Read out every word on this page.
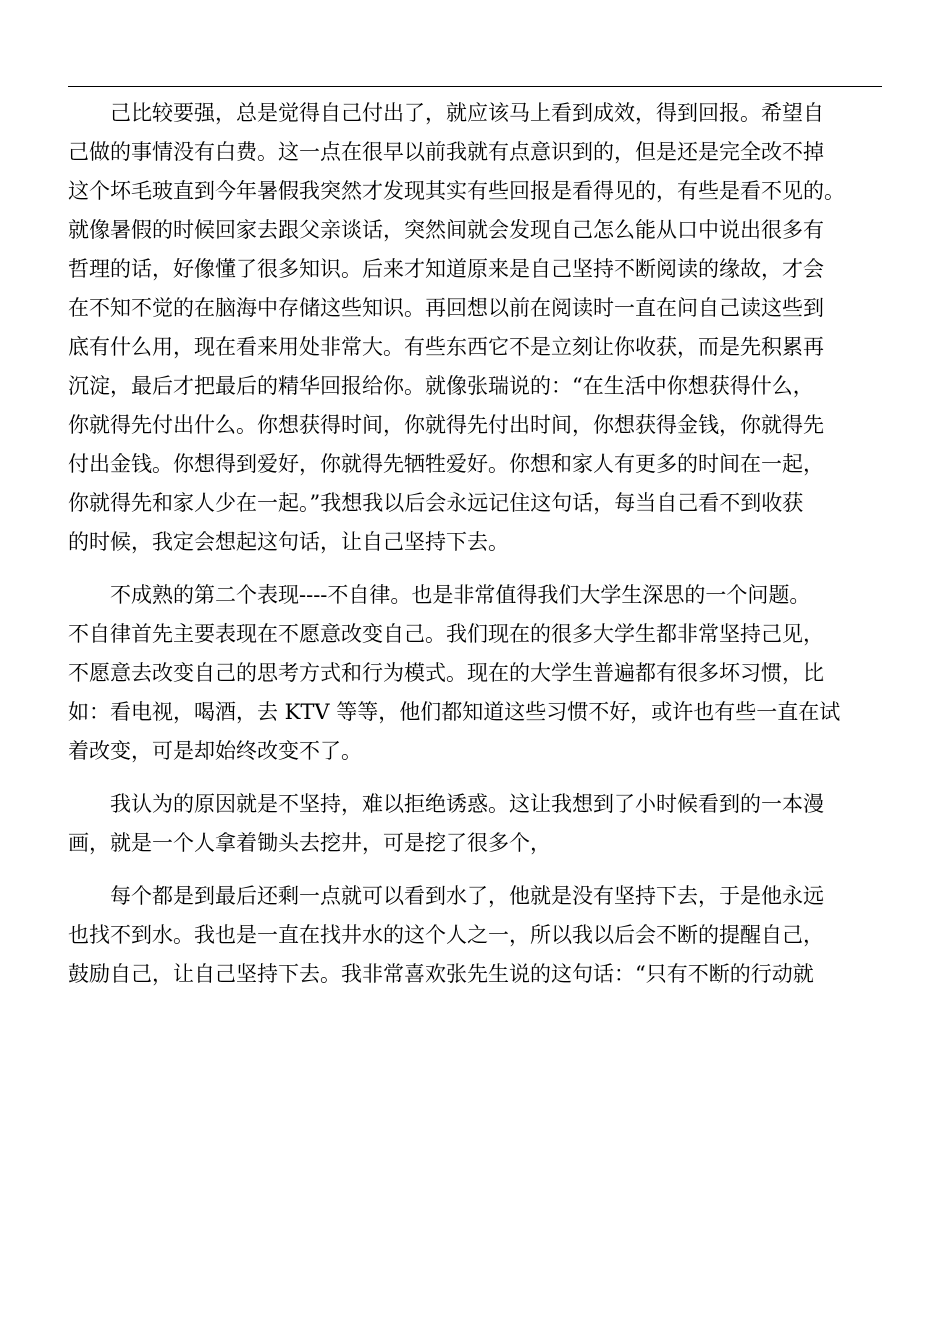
己比较要强，总是觉得自己付出了，就应该马上看到成效，得到回报。希望自
己做的事情没有白费。这一点在很早以前我就有点意识到的，但是还是完全改不掉
这个坏毛玻直到今年暑假我突然才发现其实有些回报是看得见的，有些是看不见的。
就像暑假的时候回家去跟父亲谈话，突然间就会发现自己怎么能从口中说出很多有
哲理的话，好像懂了很多知识。后来才知道原来是自己坚持不断阅读的缘故，才会
在不知不觉的在脑海中存储这些知识。再回想以前在阅读时一直在问自己读这些到
底有什么用，现在看来用处非常大。有些东西它不是立刻让你收获，而是先积累再
沉淀，最后才把最后的精华回报给你。就像张瑞说的：“在生活中你想获得什么，
你就得先付出什么。你想获得时间，你就得先付出时间，你想获得金钱，你就得先
付出金钱。你想得到爱好，你就得先牺牲爱好。你想和家人有更多的时间在一起，
你就得先和家人少在一起。”我想我以后会永远记住这句话，每当自己看不到收获
的时候，我定会想起这句话，让自己坚持下去。
不成熟的第二个表现----不自律。也是非常值得我们大学生深思的一个问题。
不自律首先主要表现在不愿意改变自己。我们现在的很多大学生都非常坚持己见，
不愿意去改变自己的思考方式和行为模式。现在的大学生普遍都有很多坏习惯，比
如：看电视，喝酒，去 KTV 等等，他们都知道这些习惯不好，或许也有些一直在试
着改变，可是却始终改变不了。
我认为的原因就是不坚持，难以拒绝诱惑。这让我想到了小时候看到的一本漫
画，就是一个人拿着锄头去挖井，可是挖了很多个，
每个都是到最后还剩一点就可以看到水了，他就是没有坚持下去，于是他永远
也找不到水。我也是一直在找井水的这个人之一，所以我以后会不断的提醒自己，
鼓励自己，让自己坚持下去。我非常喜欢张先生说的这句话：“只有不断的行动就
